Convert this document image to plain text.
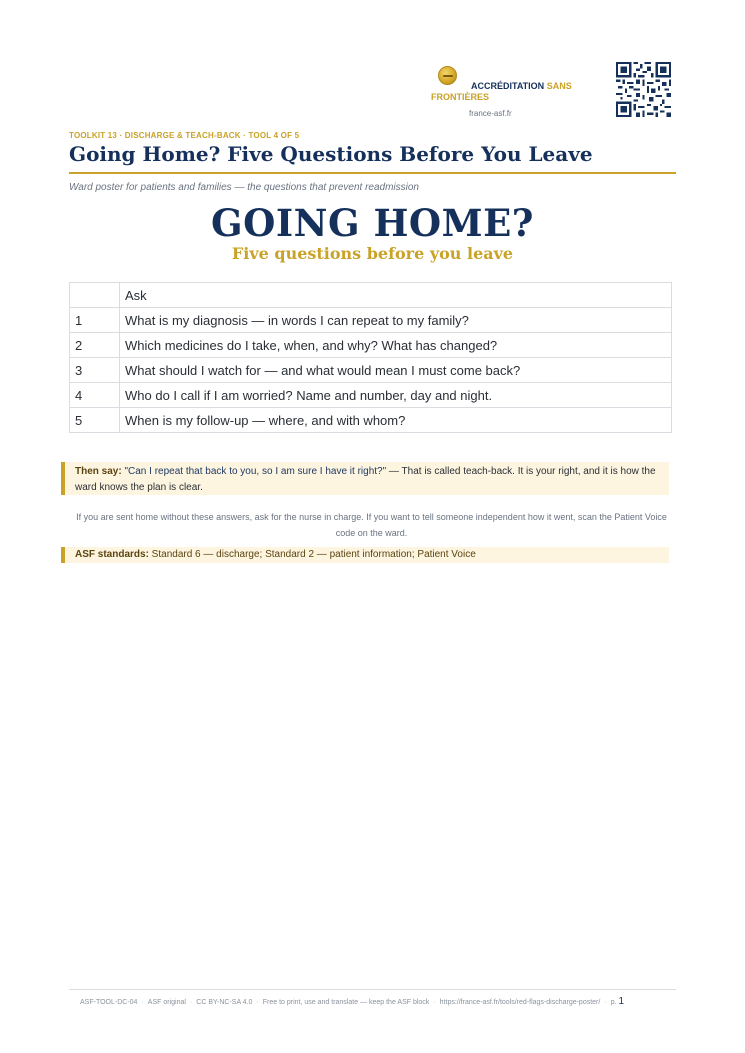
ACCRÉDITATION SANS FRONTIÈRES
france-asf.fr
TOOLKIT 13 · DISCHARGE & TEACH-BACK · TOOL 4 OF 5
Going Home? Five Questions Before You Leave
Ward poster for patients and families — the questions that prevent readmission
GOING HOME?
Five questions before you leave
	Ask
1	What is my diagnosis — in words I can repeat to my family?
2	Which medicines do I take, when, and why? What has changed?
3	What should I watch for — and what would mean I must come back?
4	Who do I call if I am worried? Name and number, day and night.
5	When is my follow-up — where, and with whom?
Then say: "Can I repeat that back to you, so I am sure I have it right?" — That is called teach-back. It is your right, and it is how the ward knows the plan is clear.
If you are sent home without these answers, ask for the nurse in charge. If you want to tell someone independent how it went, scan the Patient Voice code on the ward.
ASF standards: Standard 6 — discharge; Standard 2 — patient information; Patient Voice
ASF-TOOL-DC-04 · ASF original · CC BY-NC-SA 4.0 · Free to print, use and translate — keep the ASF block · https://france-asf.fr/tools/red-flags-discharge-poster/ · p. 1
